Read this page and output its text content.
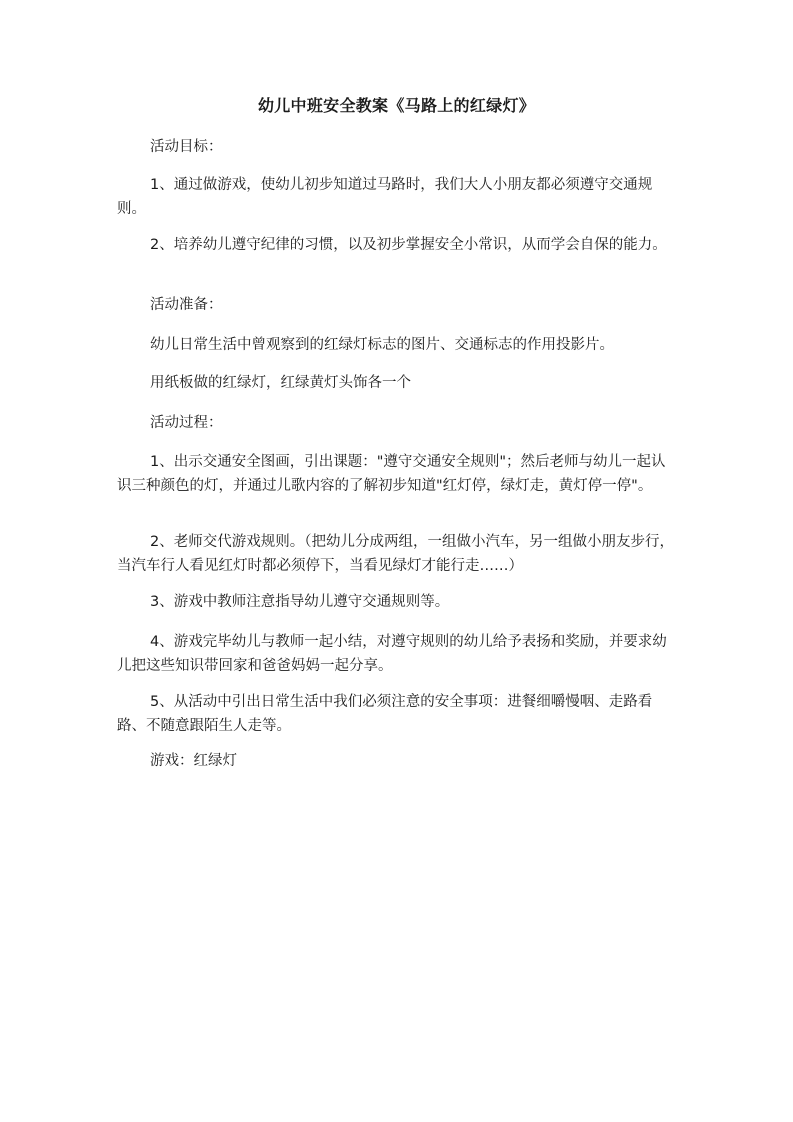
幼儿中班安全教案《马路上的红绿灯》

活动目标：

1、通过做游戏，使幼儿初步知道过马路时，我们大人小朋友都必须遵守交通规则。

2、培养幼儿遵守纪律的习惯，以及初步掌握安全小常识，从而学会自保的能力。

活动准备：

幼儿日常生活中曾观察到的红绿灯标志的图片、交通标志的作用投影片。

用纸板做的红绿灯，红绿黄灯头饰各一个

活动过程：

1、出示交通安全图画，引出课题："遵守交通安全规则"；然后老师与幼儿一起认识三种颜色的灯，并通过儿歌内容的了解初步知道"红灯停，绿灯走，黄灯停一停"。

2、老师交代游戏规则。（把幼儿分成两组，一组做小汽车，另一组做小朋友步行，当汽车行人看见红灯时都必须停下，当看见绿灯才能行走……）

3、游戏中教师注意指导幼儿遵守交通规则等。

4、游戏完毕幼儿与教师一起小结，对遵守规则的幼儿给予表扬和奖励，并要求幼儿把这些知识带回家和爸爸妈妈一起分享。

5、从活动中引出日常生活中我们必须注意的安全事项：进餐细嚼慢咽、走路看路、不随意跟陌生人走等。

游戏：红绿灯
